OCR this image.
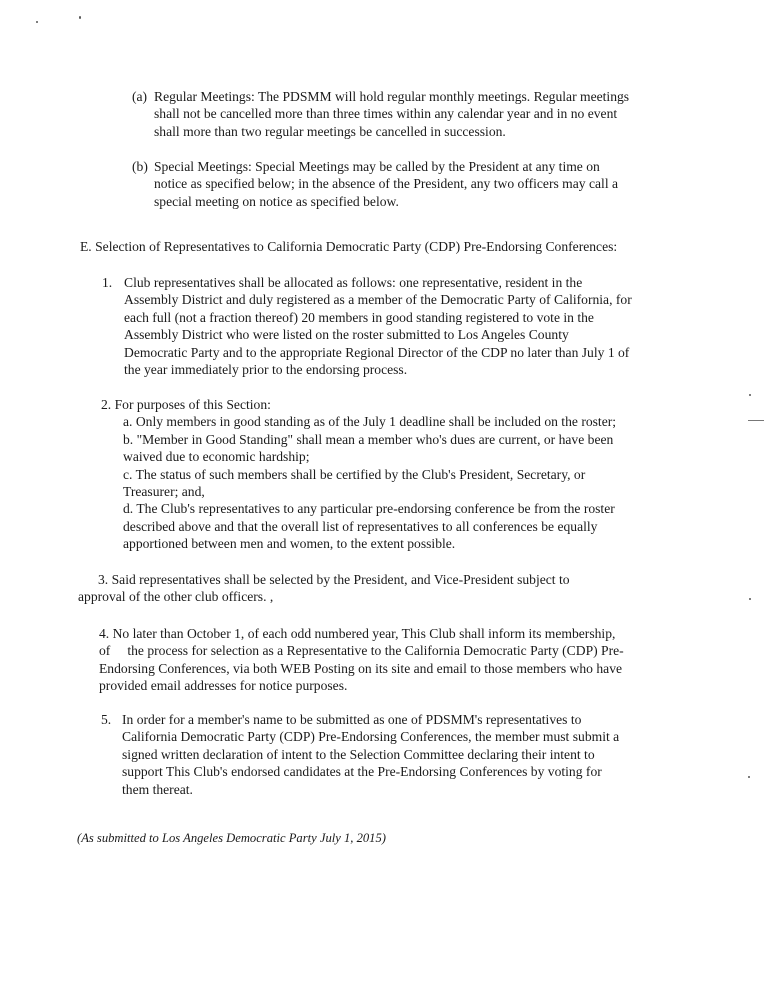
(a) Regular Meetings: The PDSMM will hold regular monthly meetings. Regular meetings
shall not be cancelled more than three times within any calendar year and in no event
shall more than two regular meetings be cancelled in succession.
(b) Special Meetings: Special Meetings may be called by the President at any time on
notice as specified below; in the absence of the President, any two officers may call a
special meeting on notice as specified below.
E. Selection of Representatives to California Democratic Party (CDP) Pre-Endorsing Conferences:
1. Club representatives shall be allocated as follows: one representative, resident in the
Assembly District and duly registered as a member of the Democratic Party of California, for
each full (not a fraction thereof) 20 members in good standing registered to vote in the
Assembly District who were listed on the roster submitted to Los Angeles County
Democratic Party and to the appropriate Regional Director of the CDP no later than July 1 of
the year immediately prior to the endorsing process.
2. For purposes of this Section:
a. Only members in good standing as of the July 1 deadline shall be included on the roster;
b. "Member in Good Standing" shall mean a member who's dues are current, or have been
waived due to economic hardship;
c. The status of such members shall be certified by the Club's President, Secretary, or
Treasurer; and,
d. The Club's representatives to any particular pre-endorsing conference be from the roster
described above and that the overall list of representatives to all conferences be equally
apportioned between men and women, to the extent possible.
3. Said representatives shall be selected by the President, and Vice-President subject to
approval of the other club officers. ,
4. No later than October 1, of each odd numbered year, This Club shall inform its membership,
of     the process for selection as a Representative to the California Democratic Party (CDP) Pre-
Endorsing Conferences, via both WEB Posting on its site and email to those members who have
provided email addresses for notice purposes.
5. In order for a member's name to be submitted as one of PDSMM's representatives to
California Democratic Party (CDP) Pre-Endorsing Conferences, the member must submit a
signed written declaration of intent to the Selection Committee declaring their intent to
support This Club's endorsed candidates at the Pre-Endorsing Conferences by voting for
them thereat.
(As submitted to Los Angeles Democratic Party July 1, 2015)
